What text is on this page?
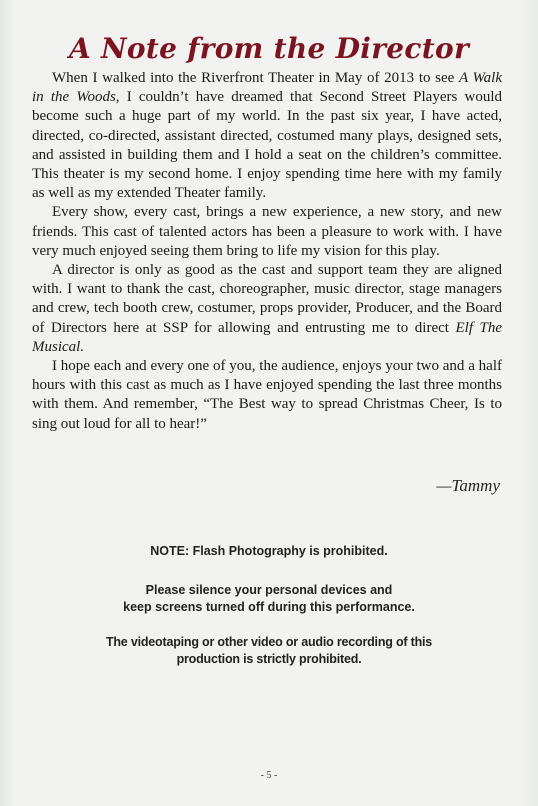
A Note from the Director

When I walked into the Riverfront Theater in May of 2013 to see A Walk in the Woods, I couldn’t have dreamed that Second Street Players would become such a huge part of my world. In the past six year, I have acted, directed, co-directed, assistant directed, costumed many plays, designed sets, and assisted in building them and I hold a seat on the children’s committee. This theater is my second home. I enjoy spending time here with my family as well as my extended Theater family.

Every show, every cast, brings a new experience, a new story, and new friends. This cast of talented actors has been a pleasure to work with. I have very much enjoyed seeing them bring to life my vision for this play.

A director is only as good as the cast and support team they are aligned with. I want to thank the cast, choreographer, music director, stage managers and crew, tech booth crew, costumer, props provider, Producer, and the Board of Directors here at SSP for allowing and entrusting me to direct Elf The Musical.

I hope each and every one of you, the audience, enjoys your two and a half hours with this cast as much as I have enjoyed spending the last three months with them. And remember, “The Best way to spread Christmas Cheer, Is to sing out loud for all to hear!”

—Tammy
NOTE: Flash Photography is prohibited.
Please silence your personal devices and
keep screens turned off during this performance.
The videotaping or other video or audio recording of this
production is strictly prohibited.
- 5 -
